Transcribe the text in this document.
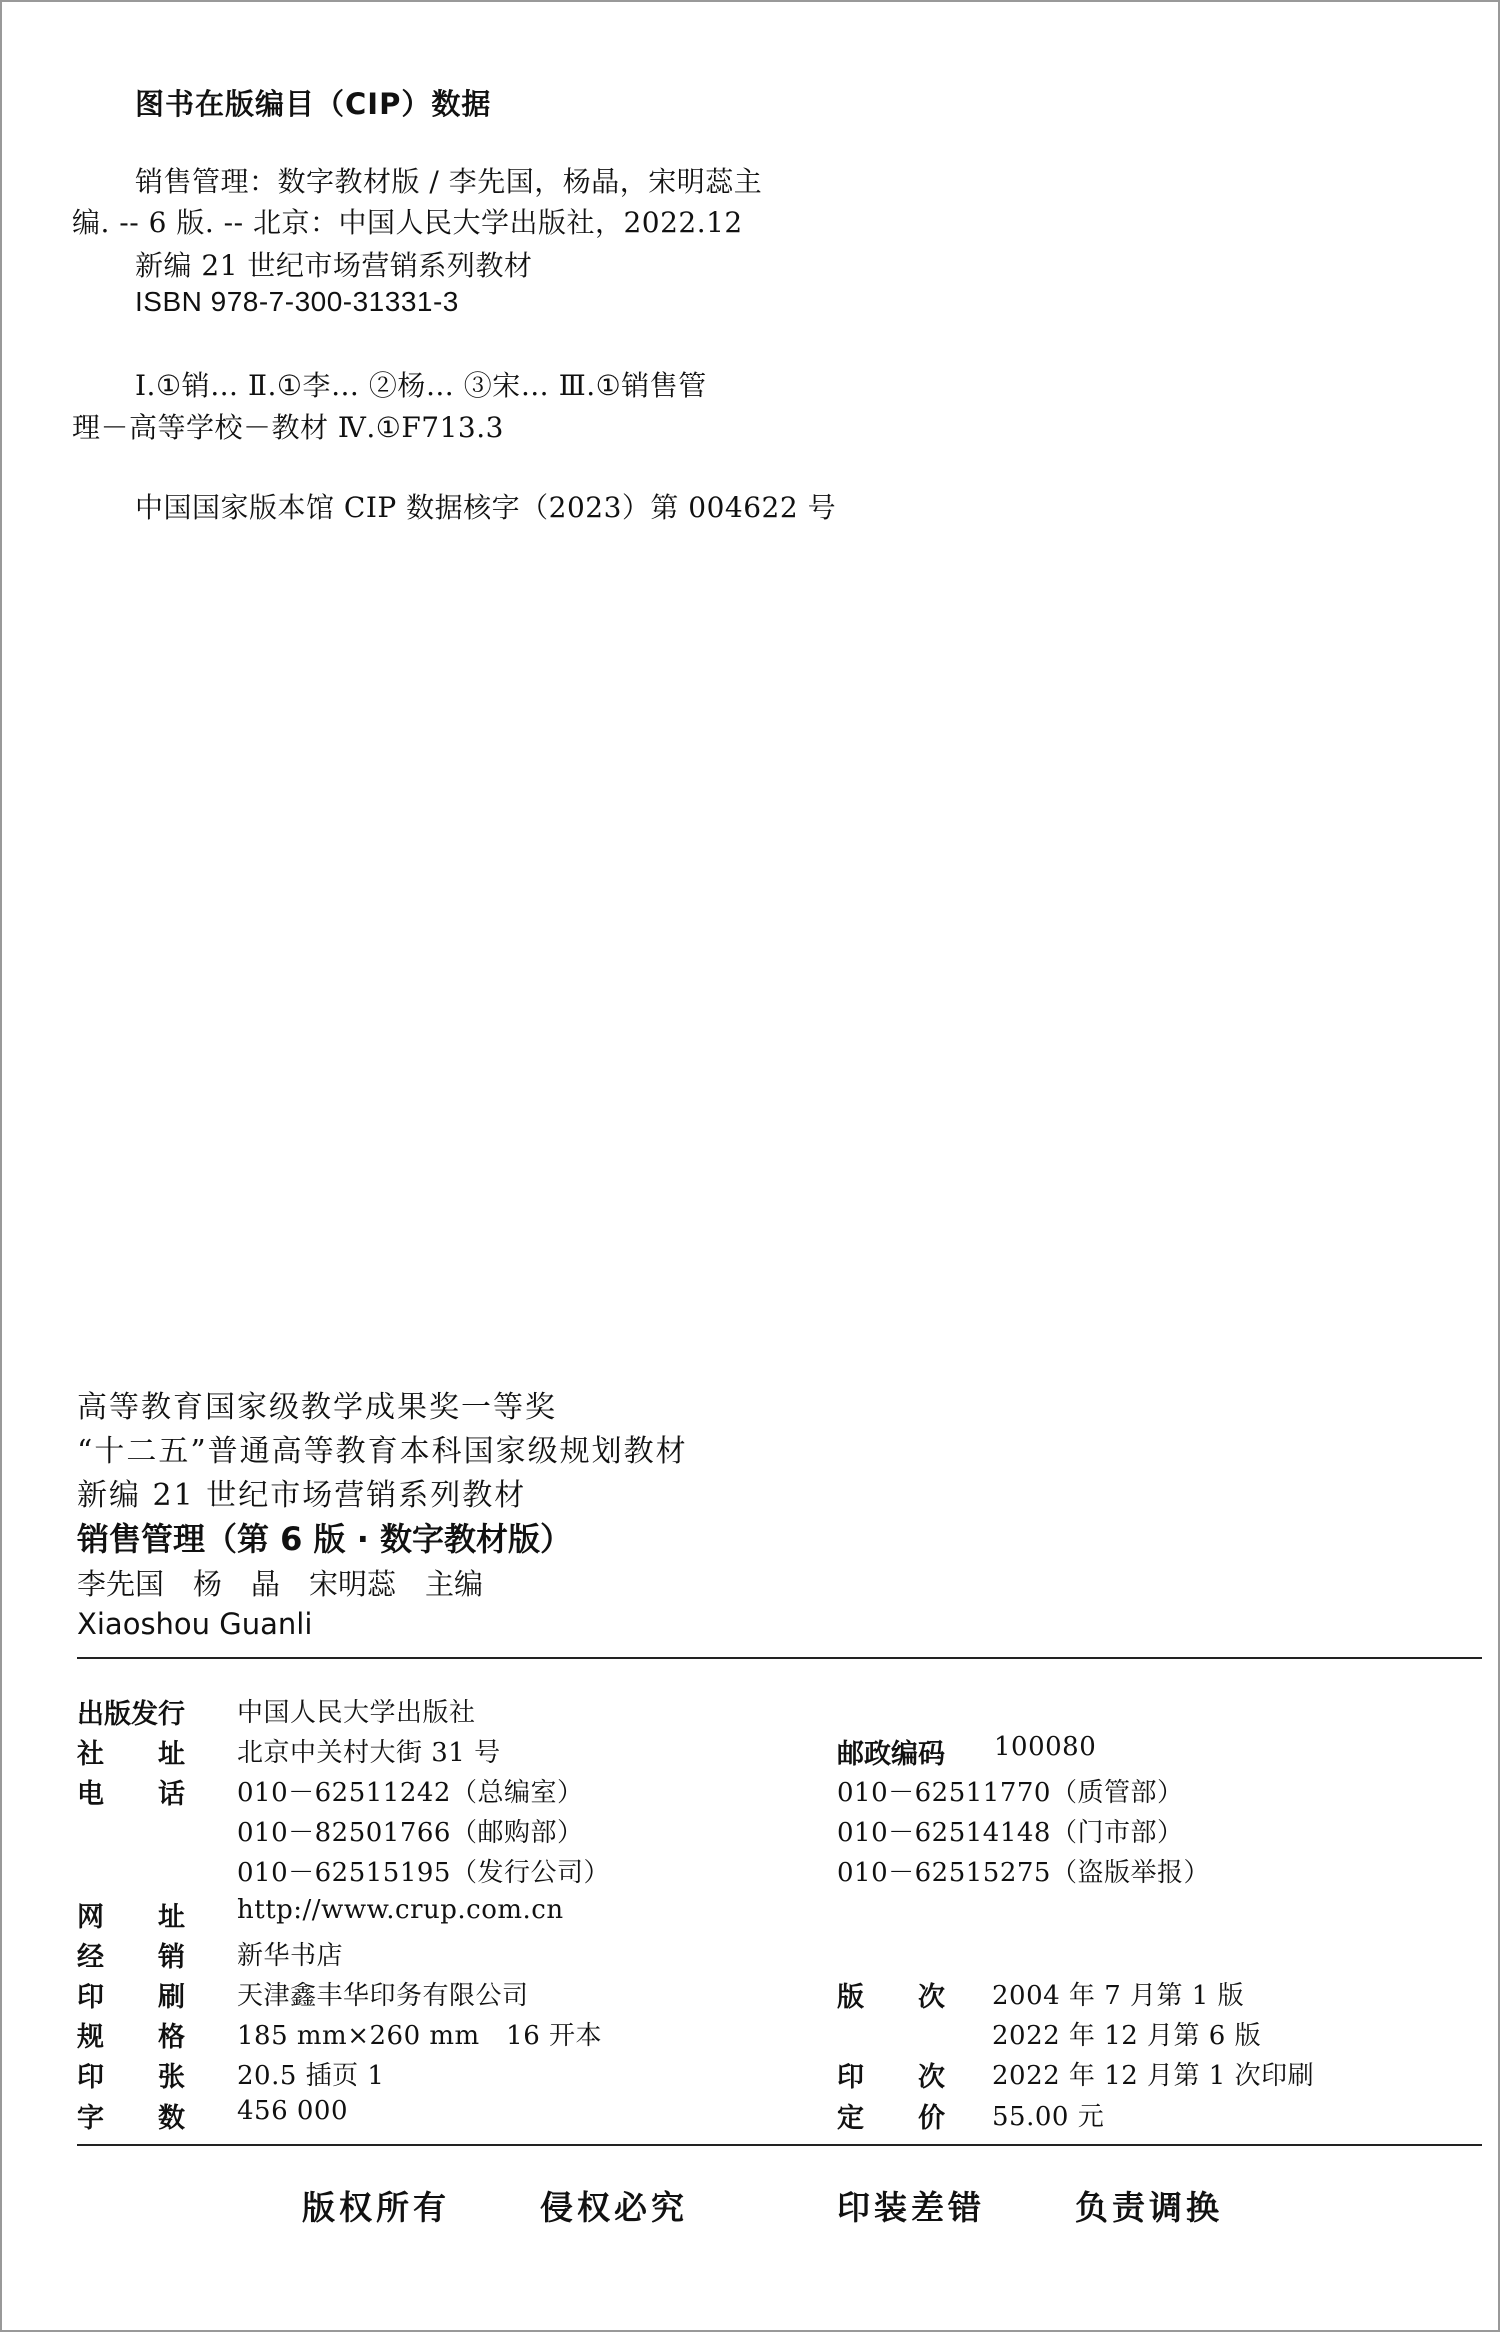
图书在版编目（CIP）数据
销售管理：数字教材版 / 李先国，杨晶，宋明蕊主
编. -- 6 版. -- 北京：中国人民大学出版社，2022.12
新编 21 世纪市场营销系列教材
ISBN 978-7-300-31331-3
Ⅰ.①销… Ⅱ.①李… ②杨… ③宋… Ⅲ.①销售管
理－高等学校－教材 Ⅳ.①F713.3
中国国家版本馆 CIP 数据核字（2023）第 004622 号
高等教育国家级教学成果奖一等奖
“十二五”普通高等教育本科国家级规划教材
新编 21 世纪市场营销系列教材
销售管理（第 6 版 · 数字教材版）
李先国　杨　晶　宋明蕊　主编
Xiaoshou Guanli
出版发行 中国人民大学出版社
社　　址 北京中关村大街 31 号
电　　话 010－62511242（总编室）
010－82501766（邮购部）
010－62515195（发行公司）
网　　址 http://www.crup.com.cn
经　　销 新华书店
印　　刷 天津鑫丰华印务有限公司
规　　格 185 mm×260 mm　16 开本
印　　张 20.5 插页 1
字　　数 456 000
邮政编码 100080
010－62511770（质管部）
010－62514148（门市部）
010－62515275（盗版举报）
版　　次 2004 年 7 月第 1 版
2022 年 12 月第 6 版
印　　次 2022 年 12 月第 1 次印刷
定　　价 55.00 元
版权所有	侵权必究	印装差错	负责调换
